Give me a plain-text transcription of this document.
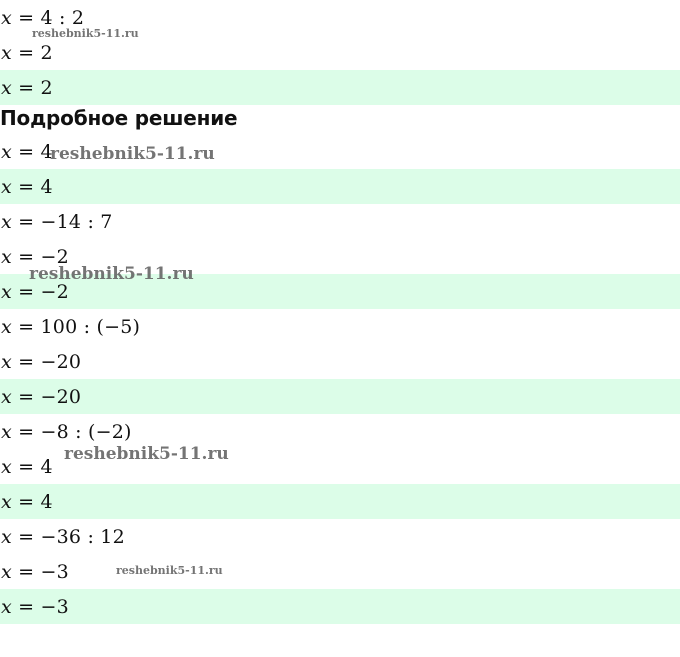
x = 4 : 2
x = 2
x = 2
Подробное решение
x = 4
x = 4
x = −14 : 7
x = −2
x = −2
x = 100 : (−5)
x = −20
x = −20
x = −8 : (−2)
x = 4
x = 4
x = −36 : 12
x = −3
x = −3
reshebnik5-11.ru
reshebnik5-11.ru
reshebnik5-11.ru
reshebnik5-11.ru
reshebnik5-11.ru
